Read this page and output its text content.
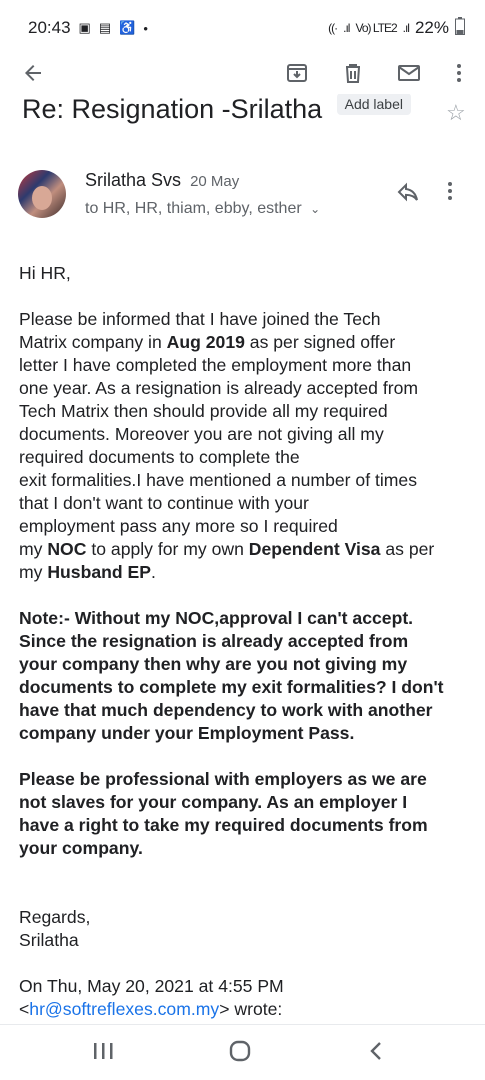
20:43 ▣ ▤ ♿ •	((· .ıl Vo) LTE2 .ıl 22%
Re: Resignation -Srilatha Add label	☆
Srilatha Svs 20 May
to HR, HR, thiam, ebby, esther ⌄

Hi HR,

Please be informed that I have joined the Tech

Matrix company in Aug 2019 as per signed offer

letter I have completed the employment more than

one year. As a resignation is already accepted from

Tech Matrix then should provide all my required

documents. Moreover you are not giving all my

required documents to complete the

exit formalities.I have mentioned a number of times

that I don't want to continue with your

employment pass any more so I required

my NOC to apply for my own Dependent Visa as per

my Husband EP.

Note:- Without my NOC,approval I can't accept.

Since the resignation is already accepted from

your company then why are you not giving my

documents to complete my exit formalities? I don't

have that much dependency to work with another

company under your Employment Pass.

Please be professional with employers as we are

not slaves for your company. As an employer I

have a right to take my required documents from

your company.

Regards,

Srilatha

On Thu, May 20, 2021 at 4:55 PM

<hr@softreflexes.com.my> wrote:
